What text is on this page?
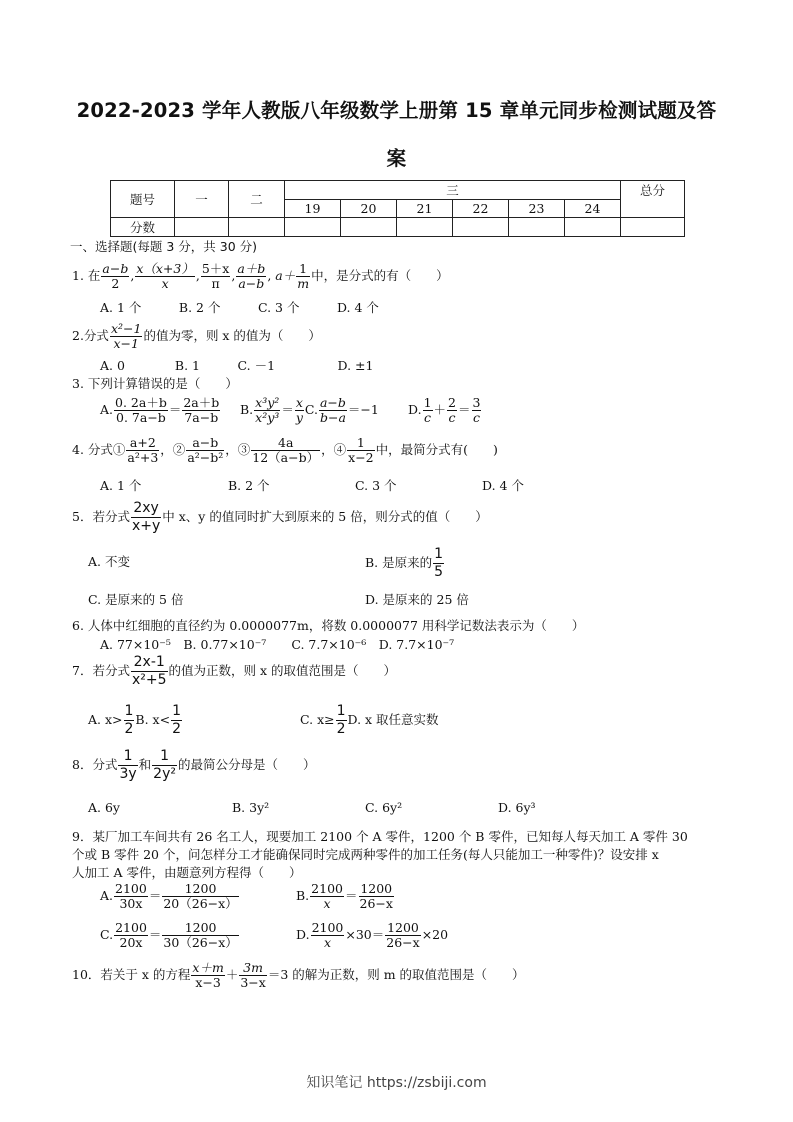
2022-2023 学年人教版八年级数学上册第 15 章单元同步检测试题及答
案
题号	一	二	三						总分
			19	20	21	22	23	24	
分数									
一、选择题(每题 3 分，共 30 分)
1. 在 $\frac{a-b}{2}$ , $\frac{x(x+3)}{x}$ , $\frac{5+x}{\pi}$ , $\frac{a+b}{a-b}$ , $a+ \frac{1}{m}$ 中，是分式的有（　　）
A. 1 个　　　B. 2 个　　　C. 3 个　　　D. 4 个
2.分式 $\frac{\text{x²−1}}{x-1}$ 的值为零，则 x 的值为（　　）
A. 0　　　　B. 1　　　C. －1　　　　　D. ±1
3. 下列计算错误的是（　　）
A. $\frac{0. 2a+b}{0. 7a-b} = \frac{2a+b}{7a-b} B$. $\frac{\text{x³y²}}{\text{x²y³}} = \frac{x}{y} C$. $\frac{a-b}{b-a} =-1$ D. $\frac{1}{c} + \frac{2}{c} = \frac{3}{c}$
4. 分式① $\frac{a+2}{\text{a²+3}}$ ，② $\frac{a-b}{\text{a²−b²}}$ ，③ $\frac{4a}{12(a-b)}$ ，④ $\frac{1}{x-2}$ 中，最简分式有(　　)
A. 1 个	B. 2 个	C. 3 个	D. 4 个
5．若分式 $\frac{2xy}{x+y}$ 中 x、y 的值同时扩大到原来的 5 倍，则分式的值（　　）
A. 不变	B. 是原来的 $\frac{1}{5}$
C. 是原来的 5 倍	D. 是原来的 25 倍
6. 人体中红细胞的直径约为 0.0000077m，将数 0.0000077 用科学记数法表示为（　　）
A. 77×10⁻⁵　B. 0.77×10⁻⁷　　C. 7.7×10⁻⁶　D. 7.7×10⁻⁷
7．若分式 $\frac{2x-1}{\text{x²+5}}$ 的值为正数，则 x 的取值范围是（　　）
A. $x> \frac{1}{2} B$. $x< \frac{1}{2}$	C. $x\ge \frac{1}{2} D$. x 取任意实数
8．分式 $\frac{1}{3y}$ 和 $\frac{1}{\text{2y²}}$ 的最简公分母是（　　）
A. 6y	B. 3y²	C. 6y²	D. 6y³
9．某厂加工车间共有 26 名工人，现要加工 2100 个 A 零件，1200 个 B 零件，已知每人每天加工 A 零件 30
个或 B 零件 20 个，问怎样分工才能确保同时完成两种零件的加工任务(每人只能加工一种零件)？设安排 x
人加工 A 零件，由题意列方程得（　　）
A. $\frac{2100}{30x} = \frac{1200}{20(26-x)}$	B. $\frac{2100}{x} = \frac{1200}{26-x}$
C. $\frac{2100}{20x} = \frac{1200}{30(26-x)}$	D. $\frac{2100}{x} \times 30= \frac{1200}{26-x} \times 20$
10．若关于 x 的方程 $\frac{x+m}{x-3} + \frac{3m}{3-x} =3$ 的解为正数，则 m 的取值范围是（　　）
知识笔记 https://zsbiji.com
